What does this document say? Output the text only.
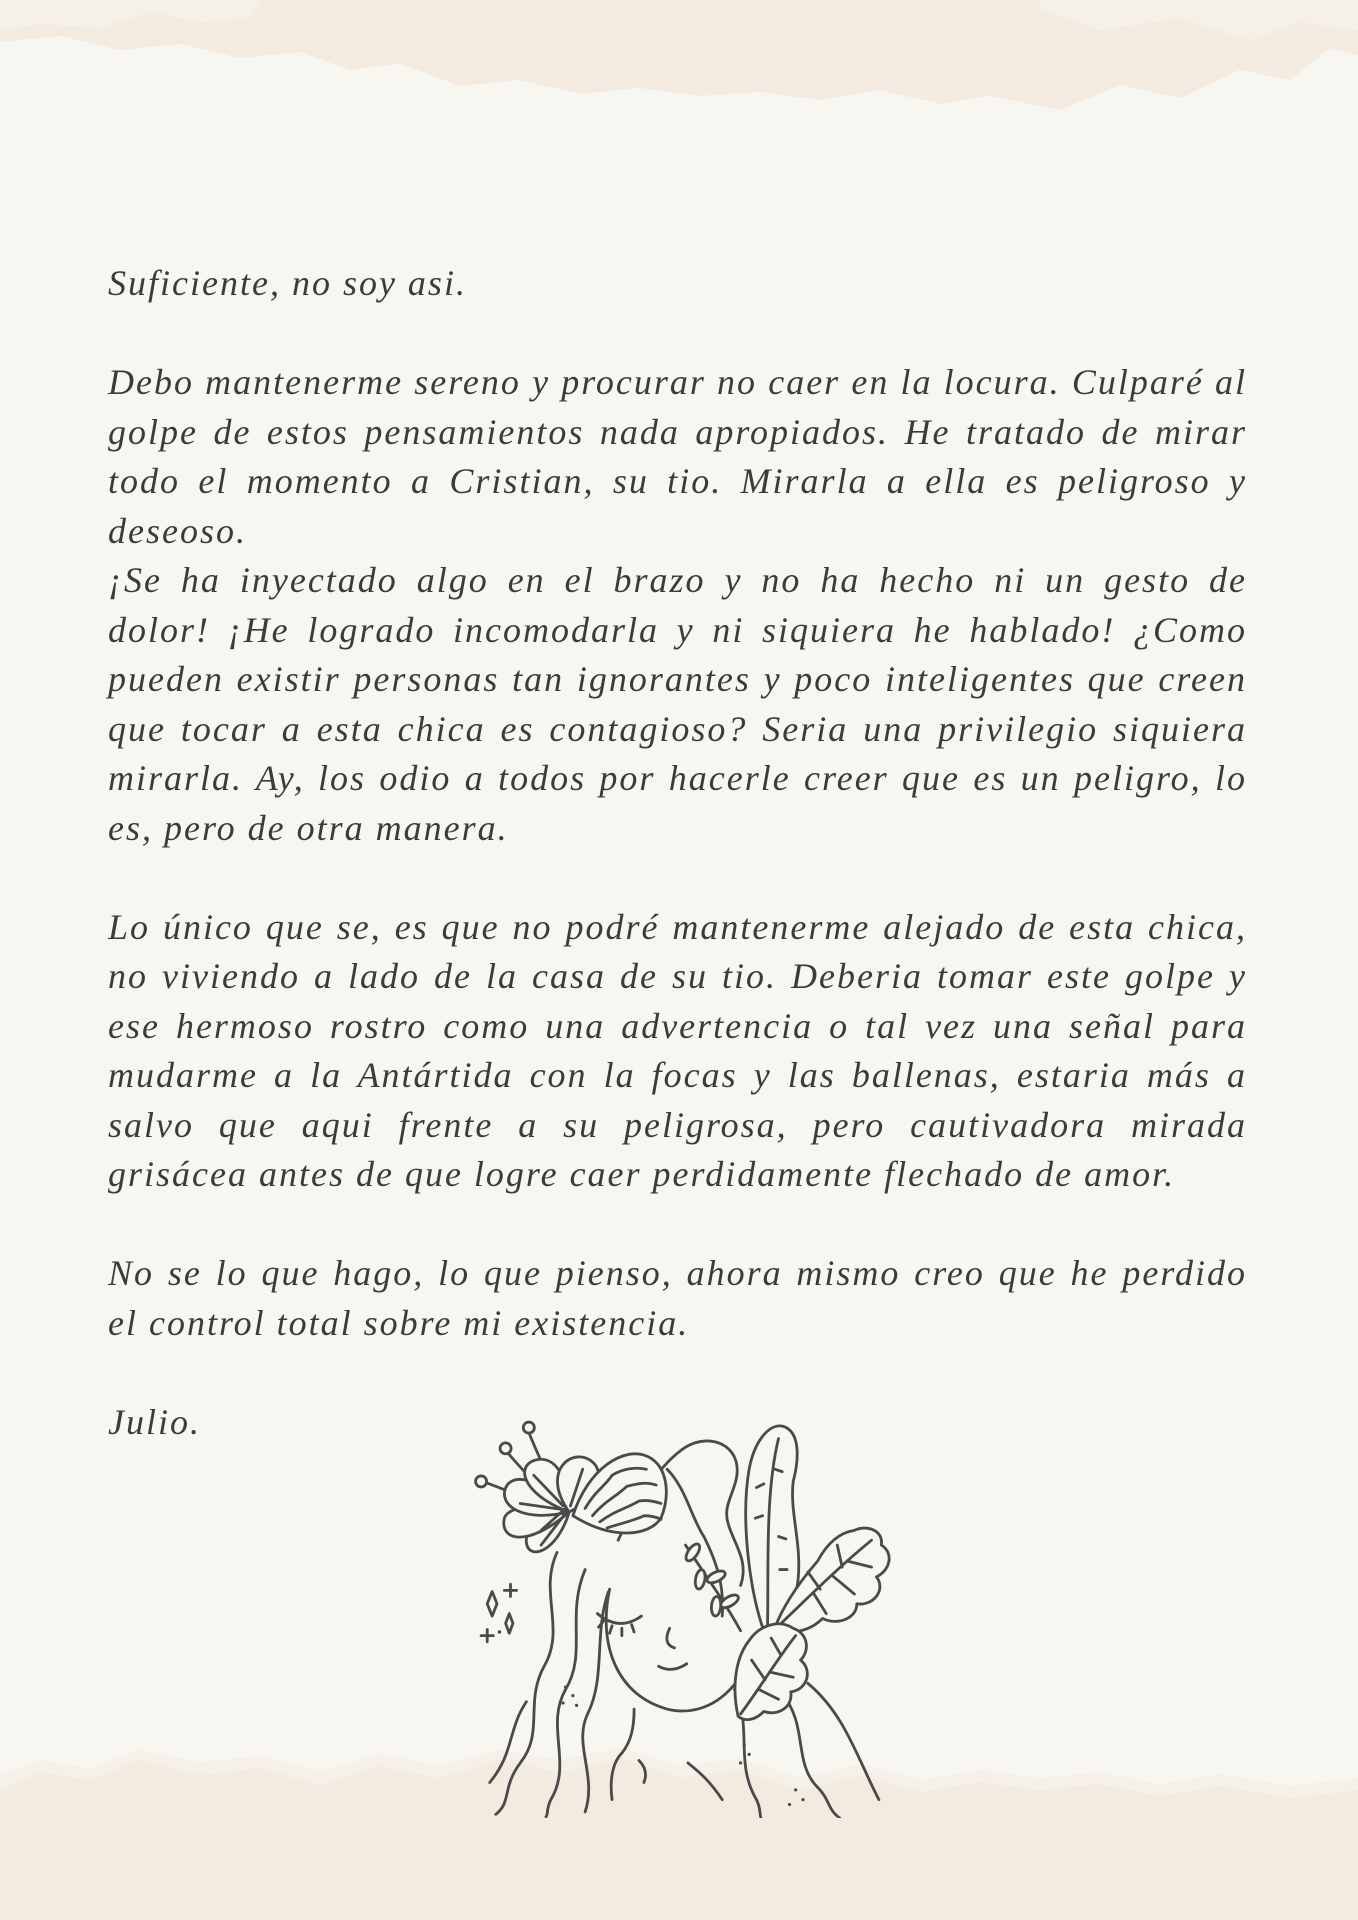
Suficiente, no soy asi.

Debo mantenerme sereno y procurar no caer en la locura. Culparé al golpe de estos pensamientos nada apropiados. He tratado de mirar todo el momento a Cristian, su tio. Mirarla a ella es peligroso y deseoso.

¡Se ha inyectado algo en el brazo y no ha hecho ni un gesto de dolor! ¡He logrado incomodarla y ni siquiera he hablado! ¿Como pueden existir personas tan ignorantes y poco inteligentes que creen que tocar a esta chica es contagioso? Seria una privilegio siquiera mirarla. Ay, los odio a todos por hacerle creer que es un peligro, lo es, pero de otra manera.

Lo único que se, es que no podré mantenerme alejado de esta chica, no viviendo a lado de la casa de su tio. Deberia tomar este golpe y ese hermoso rostro como una advertencia o tal vez una señal para mudarme a la Antártida con la focas y las ballenas, estaria más a salvo que aqui frente a su peligrosa, pero cautivadora mirada grisácea antes de que logre caer perdidamente flechado de amor.

No se lo que hago, lo que pienso, ahora mismo creo que he perdido el control total sobre mi existencia.

Julio.
